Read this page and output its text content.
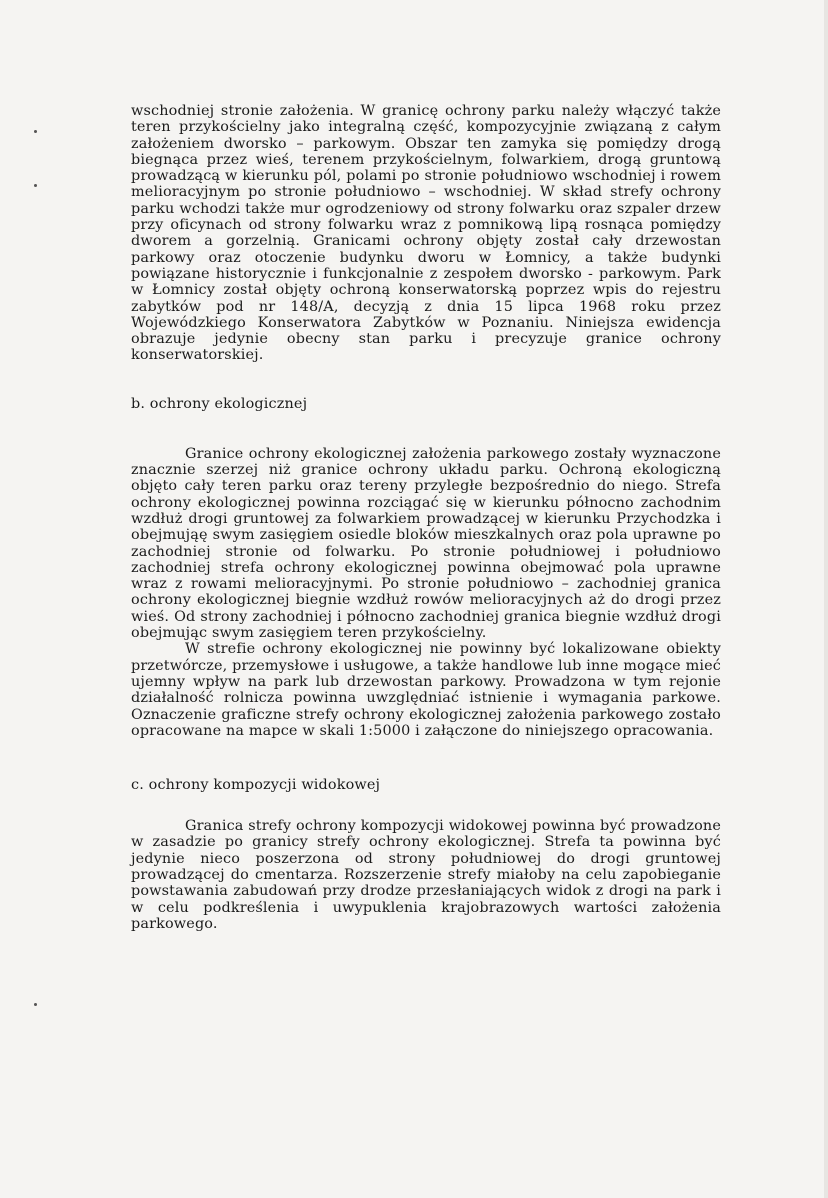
wschodniej stronie założenia. W granicę ochrony parku należy włączyć także teren przykościelny jako integralną część, kompozycyjnie związaną z całym założeniem dworsko – parkowym. Obszar ten zamyka się pomiędzy drogą biegnąca przez wieś, terenem przykościelnym, folwarkiem, drogą gruntową prowadzącą w kierunku pól, polami po stronie południowo wschodniej i rowem melioracyjnym po stronie południowo – wschodniej. W skład strefy ochrony parku wchodzi także mur ogrodzeniowy od strony folwarku oraz szpaler drzew przy oficynach od strony folwarku wraz z pomnikową lipą rosnąca pomiędzy dworem a gorzelnią. Granicami ochrony objęty został cały drzewostan parkowy oraz otoczenie budynku dworu w Łomnicy, a także budynki powiązane historycznie i funkcjonalnie z zespołem dworsko - parkowym. Park w Łomnicy został objęty ochroną konserwatorską poprzez wpis do rejestru zabytków pod nr 148/A, decyzją z dnia 15 lipca 1968 roku przez Wojewódzkiego Konserwatora Zabytków w Poznaniu. Niniejsza ewidencja obrazuje jedynie obecny stan parku i precyzuje granice ochrony konserwatorskiej.

b. ochrony ekologicznej

Granice ochrony ekologicznej założenia parkowego zostały wyznaczone znacznie szerzej niż granice ochrony układu parku. Ochroną ekologiczną objęto cały teren parku oraz tereny przyległe bezpośrednio do niego. Strefa ochrony ekologicznej powinna rozciągać się w kierunku północno zachodnim wzdłuż drogi gruntowej za folwarkiem prowadzącej w kierunku Przychodzka i obejmująę swym zasięgiem osiedle bloków mieszkalnych oraz pola uprawne po zachodniej stronie od folwarku. Po stronie południowej i południowo zachodniej strefa ochrony ekologicznej powinna obejmować pola uprawne wraz z rowami melioracyjnymi. Po stronie południowo – zachodniej granica ochrony ekologicznej biegnie wzdłuż rowów melioracyjnych aż do drogi przez wieś. Od strony zachodniej i północno zachodniej granica biegnie wzdłuż drogi obejmując swym zasięgiem teren przykościelny.

W strefie ochrony ekologicznej nie powinny być lokalizowane obiekty przetwórcze, przemysłowe i usługowe, a także handlowe lub inne mogące mieć ujemny wpływ na park lub drzewostan parkowy. Prowadzona w tym rejonie działalność rolnicza powinna uwzględniać istnienie i wymagania parkowe. Oznaczenie graficzne strefy ochrony ekologicznej założenia parkowego zostało opracowane na mapce w skali 1:5000 i załączone do niniejszego opracowania.

c. ochrony kompozycji widokowej

Granica strefy ochrony kompozycji widokowej powinna być prowadzone w zasadzie po granicy strefy ochrony ekologicznej. Strefa ta powinna być jedynie nieco poszerzona od strony południowej do drogi gruntowej prowadzącej do cmentarza. Rozszerzenie strefy miałoby na celu zapobieganie powstawania zabudowań przy drodze przesłaniających widok z drogi na park i w celu podkreślenia i uwypuklenia krajobrazowych wartości założenia parkowego.
